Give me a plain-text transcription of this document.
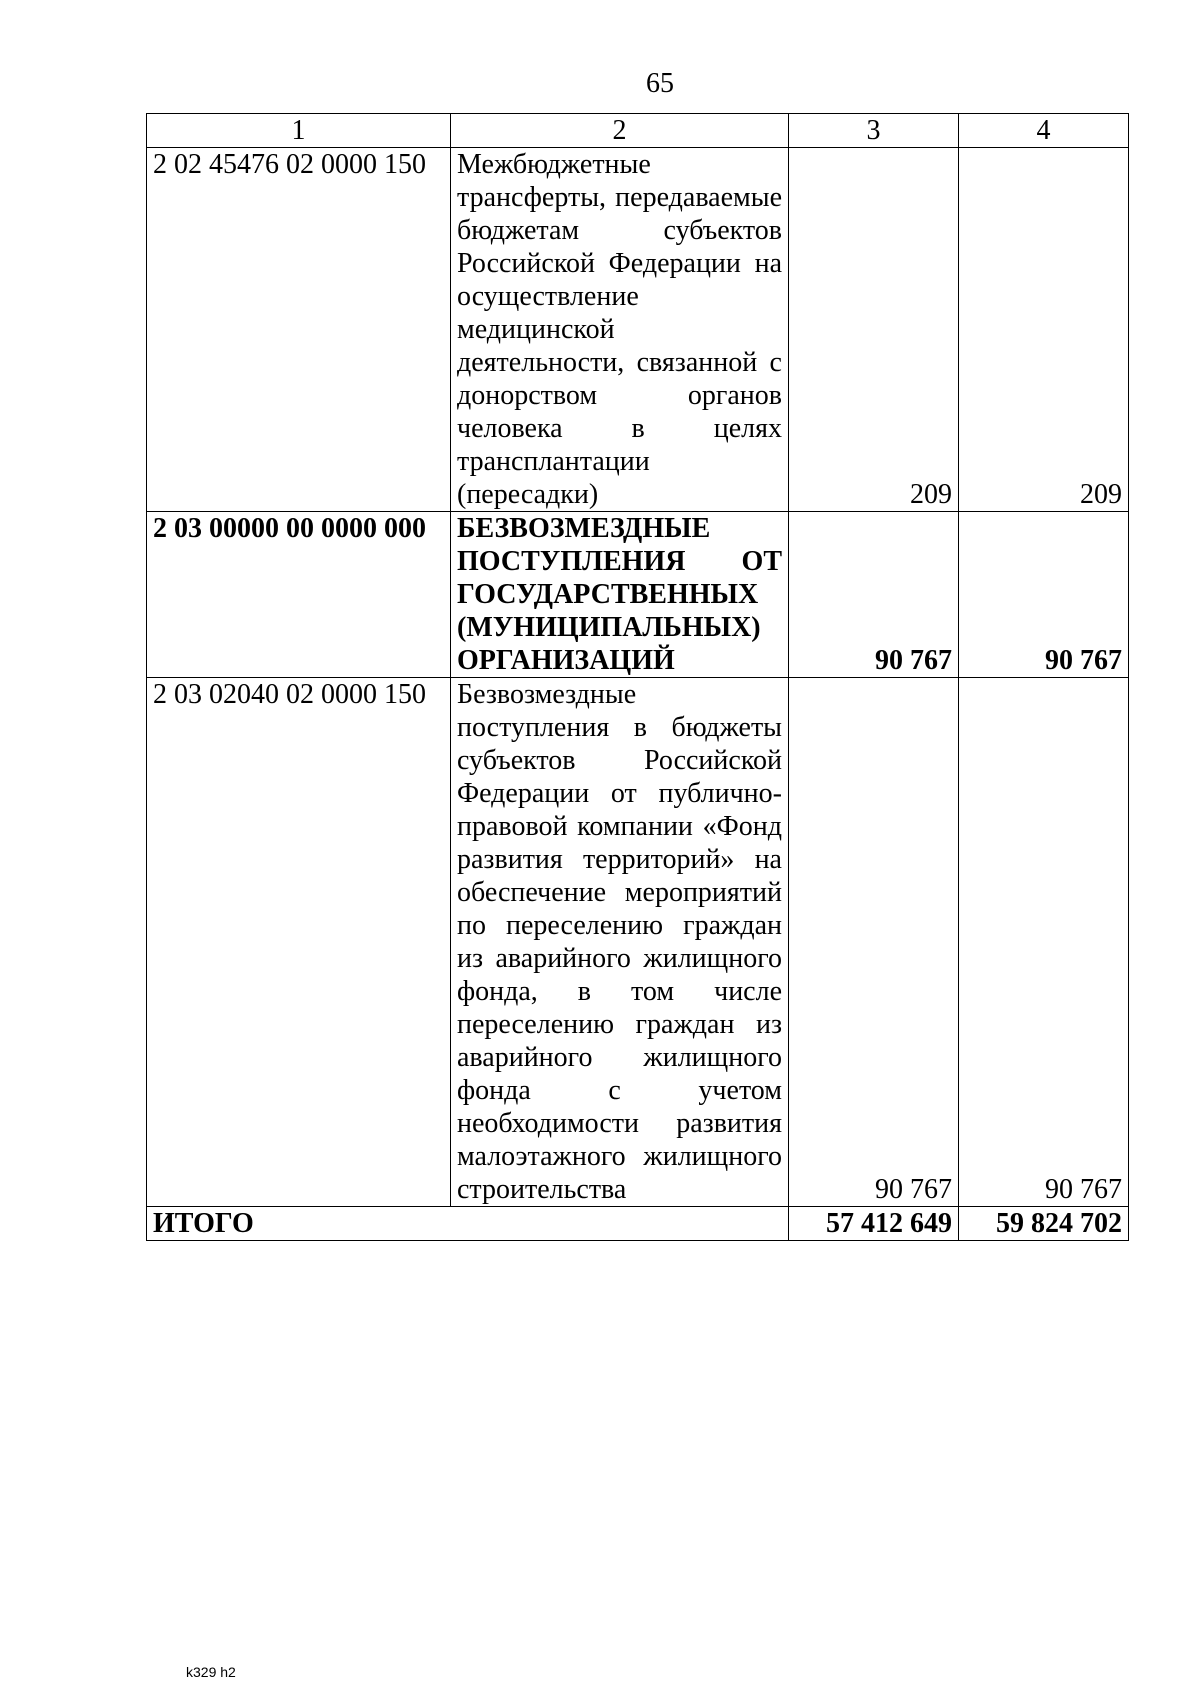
65
1	2	3	4
2 02 45476 02 0000 150	Межбюджетные трансферты, передаваемые бюджетам субъектов Российской Федерации на осуществление медицинской деятельности, связанной с донорством органов человека в целях трансплантации (пересадки)	209	209
2 03 00000 00 0000 000	БЕЗВОЗМЕЗДНЫЕ ПОСТУПЛЕНИЯ ОТ ГОСУДАРСТВЕННЫХ (МУНИЦИПАЛЬНЫХ) ОРГАНИЗАЦИЙ	90 767	90 767
2 03 02040 02 0000 150	Безвозмездные поступления в бюджеты субъектов Российской Федерации от публично-правовой компании «Фонд развития территорий» на обеспечение мероприятий по переселению граждан из аварийного жилищного фонда, в том числе переселению граждан из аварийного жилищного фонда с учетом необходимости развития малоэтажного жилищного строительства	90 767	90 767
ИТОГО		57 412 649	59 824 702
k329 h2
